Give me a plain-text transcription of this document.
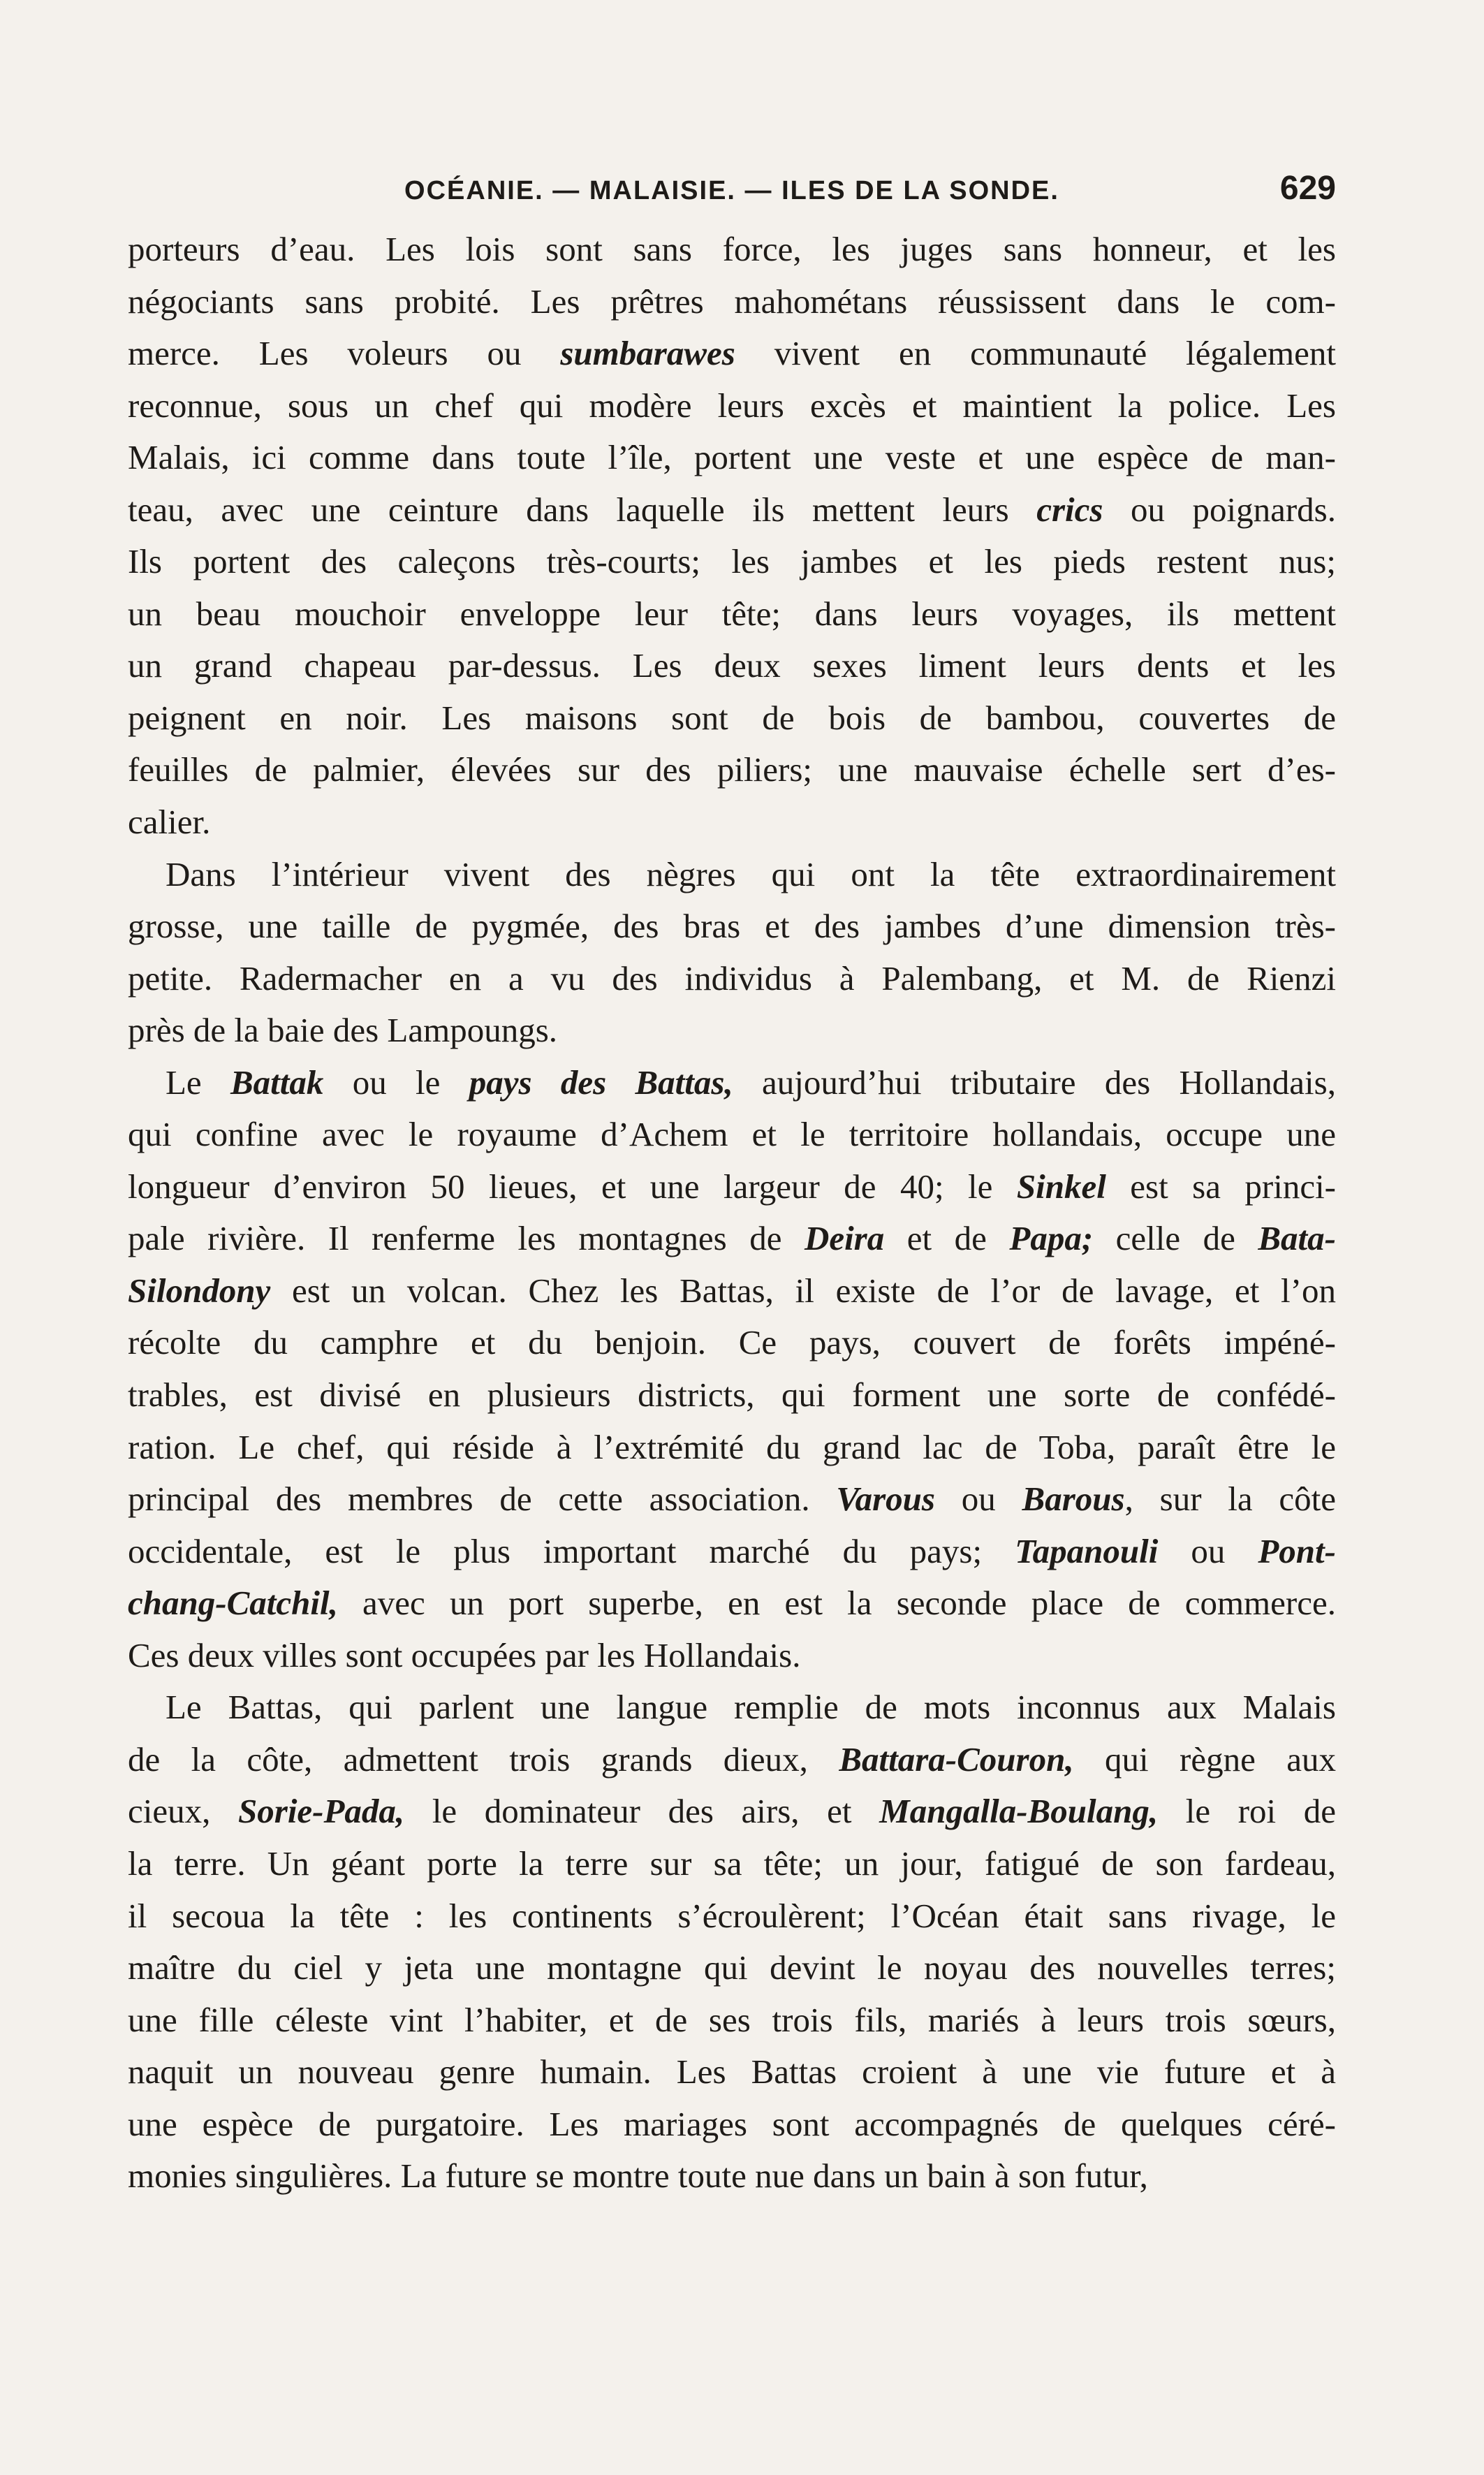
OCÉANIE. — MALAISIE. — ILES DE LA SONDE.	629
porteurs d’eau. Les lois sont sans force, les juges sans honneur, et les
négociants sans probité. Les prêtres mahométans réussissent dans le com-
merce. Les voleurs ou sumbarawes vivent en communauté légalement
reconnue, sous un chef qui modère leurs excès et maintient la police. Les
Malais, ici comme dans toute l’île, portent une veste et une espèce de man-
teau, avec une ceinture dans laquelle ils mettent leurs crics ou poignards.
Ils portent des caleçons très-courts; les jambes et les pieds restent nus;
un beau mouchoir enveloppe leur tête; dans leurs voyages, ils mettent
un grand chapeau par-dessus. Les deux sexes liment leurs dents et les
peignent en noir. Les maisons sont de bois de bambou, couvertes de
feuilles de palmier, élevées sur des piliers; une mauvaise échelle sert d’es-
calier.
Dans l’intérieur vivent des nègres qui ont la tête extraordinairement
grosse, une taille de pygmée, des bras et des jambes d’une dimension très-
petite. Radermacher en a vu des individus à Palembang, et M. de Rienzi
près de la baie des Lampoungs.
Le Battak ou le pays des Battas, aujourd’hui tributaire des Hollandais,
qui confine avec le royaume d’Achem et le territoire hollandais, occupe une
longueur d’environ 50 lieues, et une largeur de 40; le Sinkel est sa princi-
pale rivière. Il renferme les montagnes de Deira et de Papa; celle de Bata-
Silondony est un volcan. Chez les Battas, il existe de l’or de lavage, et l’on
récolte du camphre et du benjoin. Ce pays, couvert de forêts impéné-
trables, est divisé en plusieurs districts, qui forment une sorte de confédé-
ration. Le chef, qui réside à l’extrémité du grand lac de Toba, paraît être le
principal des membres de cette association. Varous ou Barous, sur la côte
occidentale, est le plus important marché du pays; Tapanouli ou Pont-
chang-Catchil, avec un port superbe, en est la seconde place de commerce.
Ces deux villes sont occupées par les Hollandais.
Le Battas, qui parlent une langue remplie de mots inconnus aux Malais
de la côte, admettent trois grands dieux, Battara-Couron, qui règne aux
cieux, Sorie-Pada, le dominateur des airs, et Mangalla-Boulang, le roi de
la terre. Un géant porte la terre sur sa tête; un jour, fatigué de son fardeau,
il secoua la tête : les continents s’écroulèrent; l’Océan était sans rivage, le
maître du ciel y jeta une montagne qui devint le noyau des nouvelles terres;
une fille céleste vint l’habiter, et de ses trois fils, mariés à leurs trois sœurs,
naquit un nouveau genre humain. Les Battas croient à une vie future et à
une espèce de purgatoire. Les mariages sont accompagnés de quelques céré-
monies singulières. La future se montre toute nue dans un bain à son futur,
